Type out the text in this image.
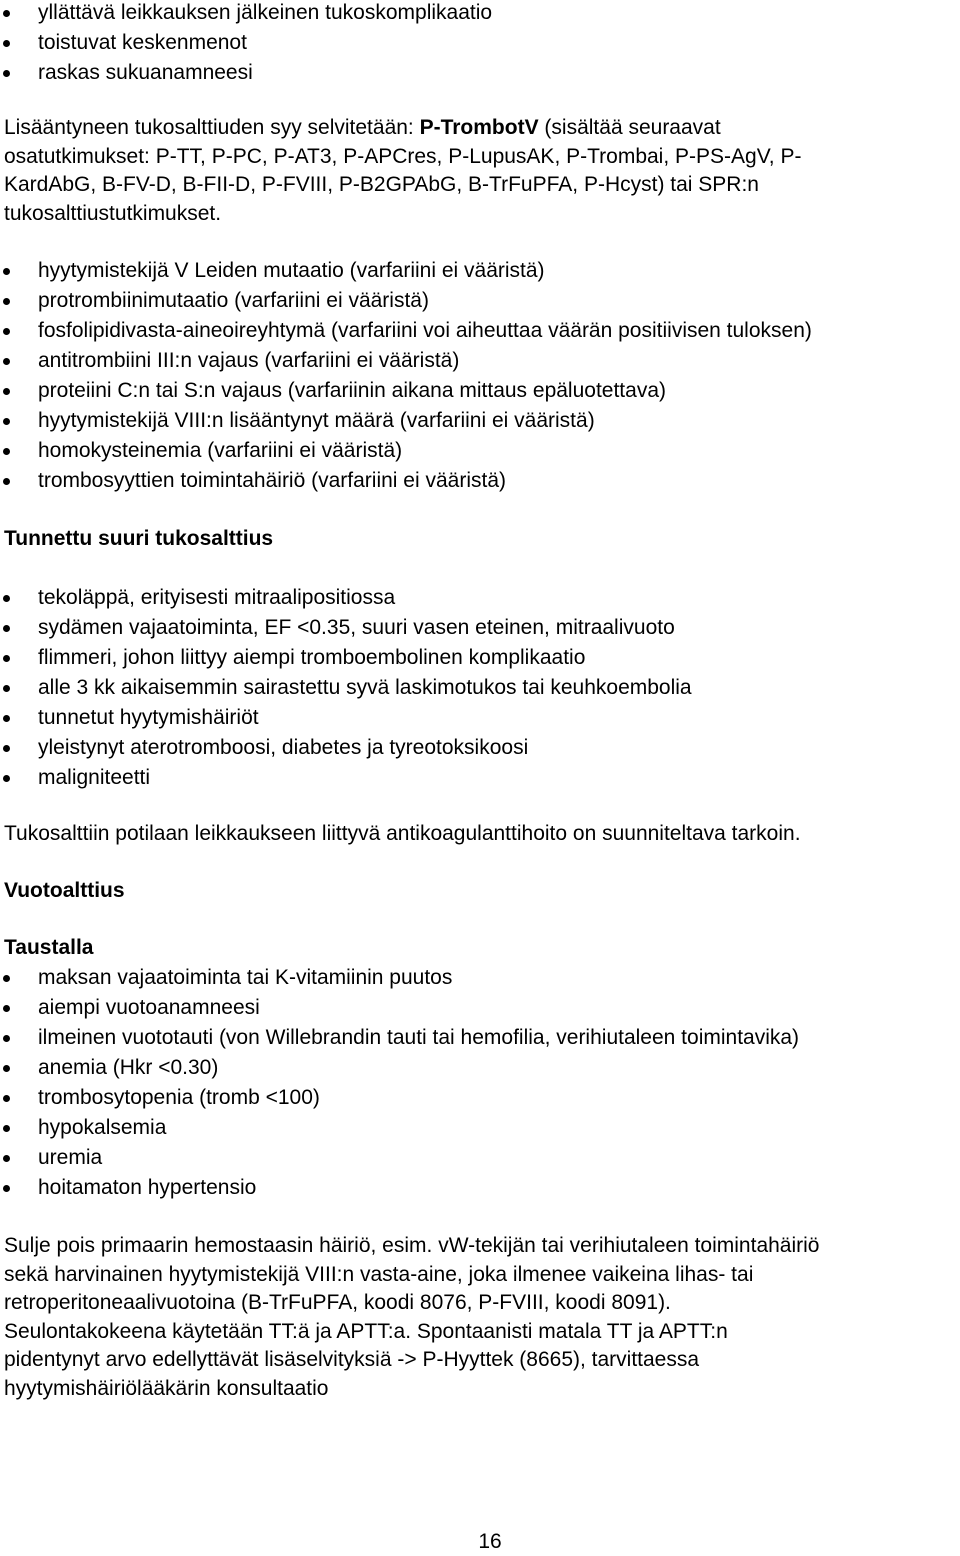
yllättävä leikkauksen jälkeinen tukoskomplikaatio
toistuvat keskenmenot
raskas sukuanamneesi
Lisääntyneen tukosalttiuden syy selvitetään: P-TrombotV (sisältää seuraavat
osatutkimukset: P-TT, P-PC, P-AT3, P-APCres, P-LupusAK, P-Trombai, P-PS-AgV, P-
KardAbG, B-FV-D, B-FII-D, P-FVIII, P-B2GPAbG, B-TrFuPFA, P-Hcyst) tai SPR:n
tukosalttiustutkimukset.
hyytymistekijä V Leiden mutaatio (varfariini ei vääristä)
protrombiinimutaatio (varfariini ei vääristä)
fosfolipidivasta-aineoireyhtymä (varfariini voi aiheuttaa väärän positiivisen tuloksen)
antitrombiini III:n vajaus (varfariini ei vääristä)
proteiini C:n tai S:n vajaus (varfariinin aikana mittaus epäluotettava)
hyytymistekijä VIII:n lisääntynyt määrä (varfariini ei vääristä)
homokysteinemia (varfariini ei vääristä)
trombosyyttien toimintahäiriö (varfariini ei vääristä)
Tunnettu suuri tukosalttius
tekoläppä, erityisesti mitraalipositiossa
sydämen vajaatoiminta, EF <0.35, suuri vasen eteinen, mitraalivuoto
flimmeri, johon liittyy aiempi tromboembolinen komplikaatio
alle 3 kk aikaisemmin sairastettu syvä laskimotukos tai keuhkoembolia
tunnetut hyytymishäiriöt
yleistynyt aterotromboosi, diabetes ja tyreotoksikoosi
maligniteetti
Tukosalttiin potilaan leikkaukseen liittyvä antikoagulanttihoito on suunniteltava tarkoin.
Vuotoalttius
Taustalla
maksan vajaatoiminta tai K-vitamiinin puutos
aiempi vuotoanamneesi
ilmeinen vuototauti (von Willebrandin tauti tai hemofilia, verihiutaleen toimintavika)
anemia (Hkr <0.30)
trombosytopenia (tromb <100)
hypokalsemia
uremia
hoitamaton hypertensio
Sulje pois primaarin hemostaasin häiriö, esim. vW-tekijän tai verihiutaleen toimintahäiriö
sekä harvinainen hyytymistekijä VIII:n vasta-aine, joka ilmenee vaikeina lihas- tai
retroperitoneaalivuotoina (B-TrFuPFA, koodi 8076, P-FVIII, koodi 8091).
Seulontakokeena käytetään TT:ä ja APTT:a. Spontaanisti matala TT ja APTT:n
pidentynyt arvo edellyttävät lisäselvityksiä -> P-Hyyttek (8665), tarvittaessa
hyytymishäiriölääkärin konsultaatio
16
